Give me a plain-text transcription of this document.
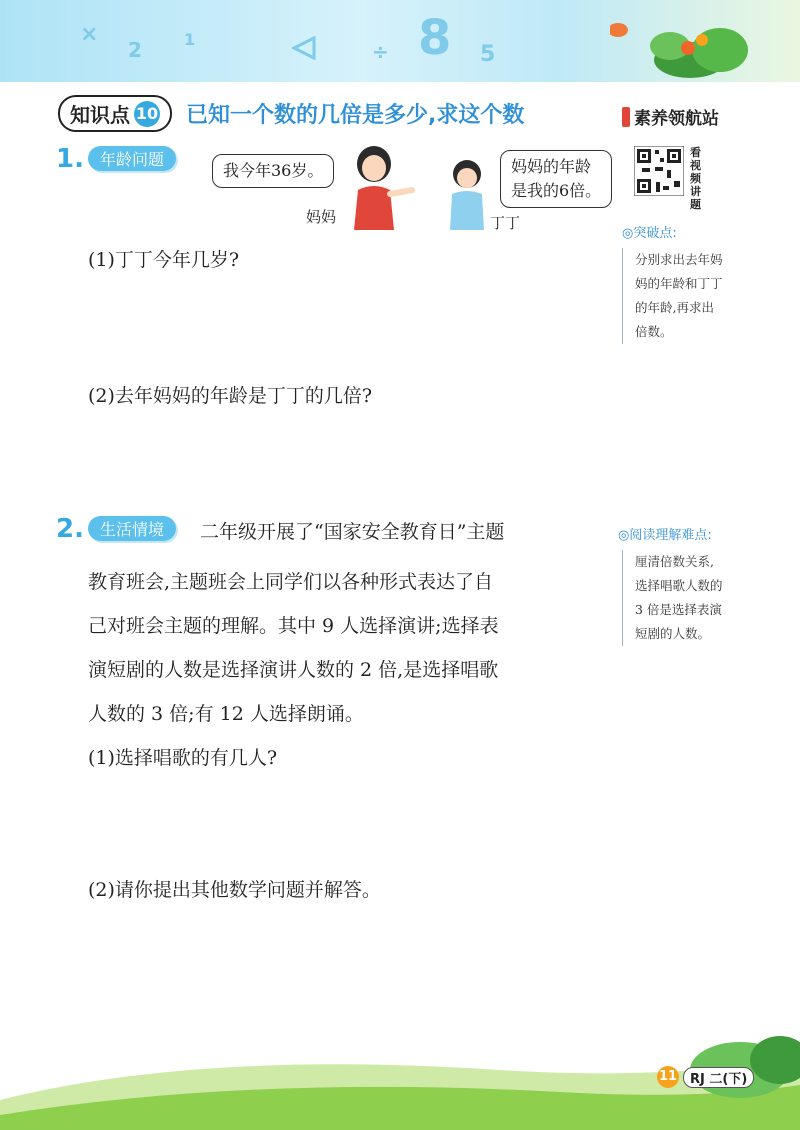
×
2	1
÷ 8 5
知识点 10 已知一个数的几倍是多少,求这个数	素养领航站
看视频讲题
1.	年龄问题
我今年36岁。
妈妈	丁丁
妈妈的年龄
是我的6倍。
(1)丁丁今年几岁?
(2)去年妈妈的年龄是丁丁的几倍?
◎突破点:
分别求出去年妈
妈的年龄和丁丁
的年龄,再求出
倍数。
2.	生活情境	二年级开展了“国家安全教育日”主题
教育班会,主题班会上同学们以各种形式表达了自
己对班会主题的理解。其中 9 人选择演讲;选择表
演短剧的人数是选择演讲人数的 2 倍,是选择唱歌
人数的 3 倍;有 12 人选择朗诵。
(1)选择唱歌的有几人?
(2)请你提出其他数学问题并解答。
◎阅读理解难点:
厘清倍数关系,
选择唱歌人数的
3 倍是选择表演
短剧的人数。
11 RJ 二(下)
